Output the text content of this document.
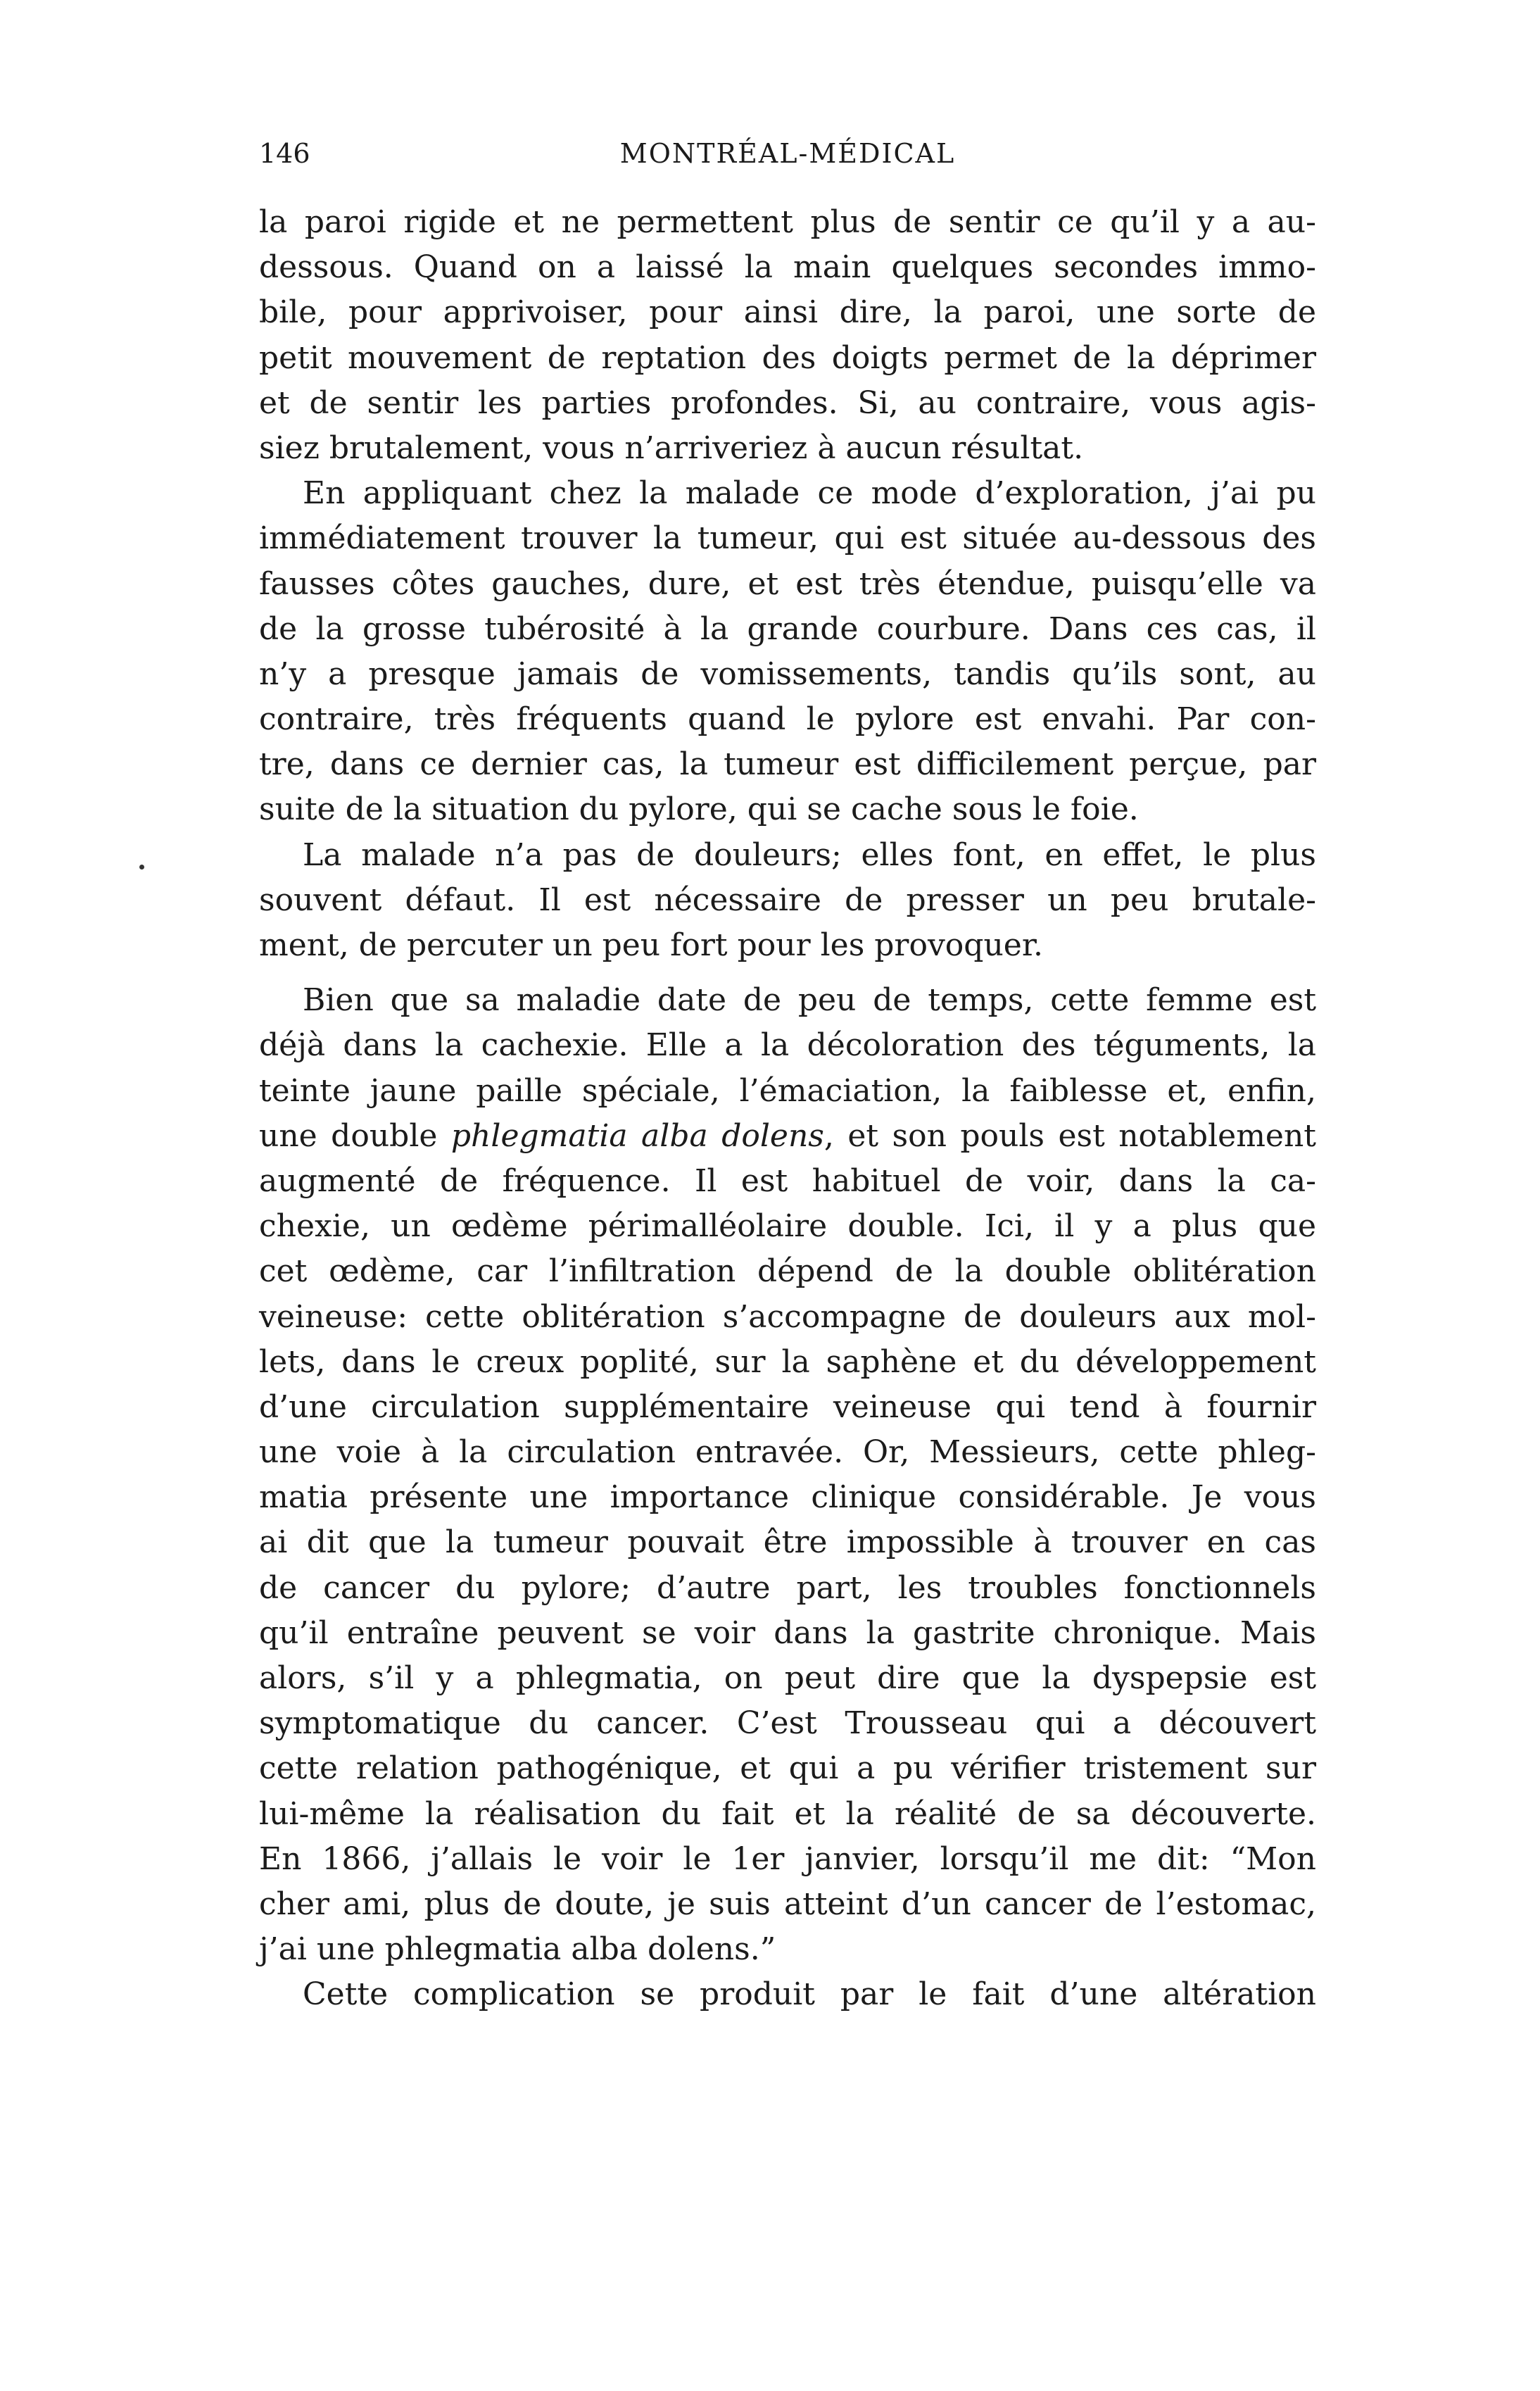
146	MONTRÉAL-MÉDICAL
la paroi rigide et ne permettent plus de sentir ce qu’il y a au-
dessous. Quand on a laissé la main quelques secondes immo-
bile, pour apprivoiser, pour ainsi dire, la paroi, une sorte de
petit mouvement de reptation des doigts permet de la déprimer
et de sentir les parties profondes. Si, au contraire, vous agis-
siez brutalement, vous n’arriveriez à aucun résultat.
En appliquant chez la malade ce mode d’exploration, j’ai pu
immédiatement trouver la tumeur, qui est située au-dessous des
fausses côtes gauches, dure, et est très étendue, puisqu’elle va
de la grosse tubérosité à la grande courbure. Dans ces cas, il
n’y a presque jamais de vomissements, tandis qu’ils sont, au
contraire, très fréquents quand le pylore est envahi. Par con-
tre, dans ce dernier cas, la tumeur est difficilement perçue, par
suite de la situation du pylore, qui se cache sous le foie.
La malade n’a pas de douleurs; elles font, en effet, le plus
souvent défaut. Il est nécessaire de presser un peu brutale-
ment, de percuter un peu fort pour les provoquer.
Bien que sa maladie date de peu de temps, cette femme est
déjà dans la cachexie. Elle a la décoloration des téguments, la
teinte jaune paille spéciale, l’émaciation, la faiblesse et, enfin,
une double phlegmatia alba dolens, et son pouls est notablement
augmenté de fréquence. Il est habituel de voir, dans la ca-
chexie, un œdème périmalléolaire double. Ici, il y a plus que
cet œdème, car l’infiltration dépend de la double oblitération
veineuse: cette oblitération s’accompagne de douleurs aux mol-
lets, dans le creux poplité, sur la saphène et du développement
d’une circulation supplémentaire veineuse qui tend à fournir
une voie à la circulation entravée. Or, Messieurs, cette phleg-
matia présente une importance clinique considérable. Je vous
ai dit que la tumeur pouvait être impossible à trouver en cas
de cancer du pylore; d’autre part, les troubles fonctionnels
qu’il entraîne peuvent se voir dans la gastrite chronique. Mais
alors, s’il y a phlegmatia, on peut dire que la dyspepsie est
symptomatique du cancer. C’est Trousseau qui a découvert
cette relation pathogénique, et qui a pu vérifier tristement sur
lui-même la réalisation du fait et la réalité de sa découverte.
En 1866, j’allais le voir le 1er janvier, lorsqu’il me dit: “Mon
cher ami, plus de doute, je suis atteint d’un cancer de l’estomac,
j’ai une phlegmatia alba dolens.”
Cette complication se produit par le fait d’une altération
